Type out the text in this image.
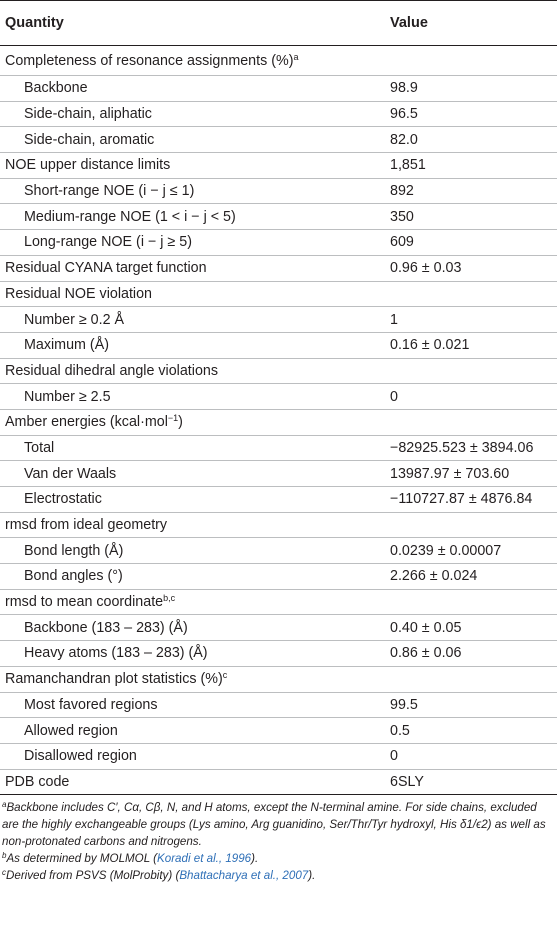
Quantity	Value
Completeness of resonance assignments (%)$^a$	
Backbone	98.9
Side-chain, aliphatic	96.5
Side-chain, aromatic	82.0
NOE upper distance limits	1,851
Short-range NOE (i − j ≤ 1)	892
Medium-range NOE (1 < i − j < 5)	350
Long-range NOE (i − j ≥ 5)	609
Residual CYANA target function	0.96 ± 0.03
Residual NOE violation	
Number ≥ 0.2 Å	1
Maximum (Å)	0.16 ± 0.021
Residual dihedral angle violations	
Number ≥ 2.5	0
Amber energies (kcal·mol$^{-1}$)	
Total	−82925.523 ± 3894.06
Van der Waals	13987.97 ± 703.60
Electrostatic	−110727.87 ± 4876.84
rmsd from ideal geometry	
Bond length (Å)	0.0239 ± 0.00007
Bond angles (°)	2.266 ± 0.024
rmsd to mean coordinate$^{b,c}$	
Backbone (183 – 283) (Å)	0.40 ± 0.05
Heavy atoms (183 – 283) (Å)	0.86 ± 0.06
Ramanchandran plot statistics (%)$^c$	
Most favored regions	99.5
Allowed region	0.5
Disallowed region	0
PDB code	6SLY

$^a$Backbone includes C′, Cα, Cβ, N, and H atoms, except the N-terminal amine. For side chains, excluded are the highly exchangeable groups (Lys amino, Arg guanidino, Ser/Thr/Tyr hydroxyl, His δ1/ϵ2) as well as non-protonated carbons and nitrogens.

$^b$As determined by MOLMOL (Koradi et al., 1996).

$^c$Derived from PSVS (MolProbity) (Bhattacharya et al., 2007).
